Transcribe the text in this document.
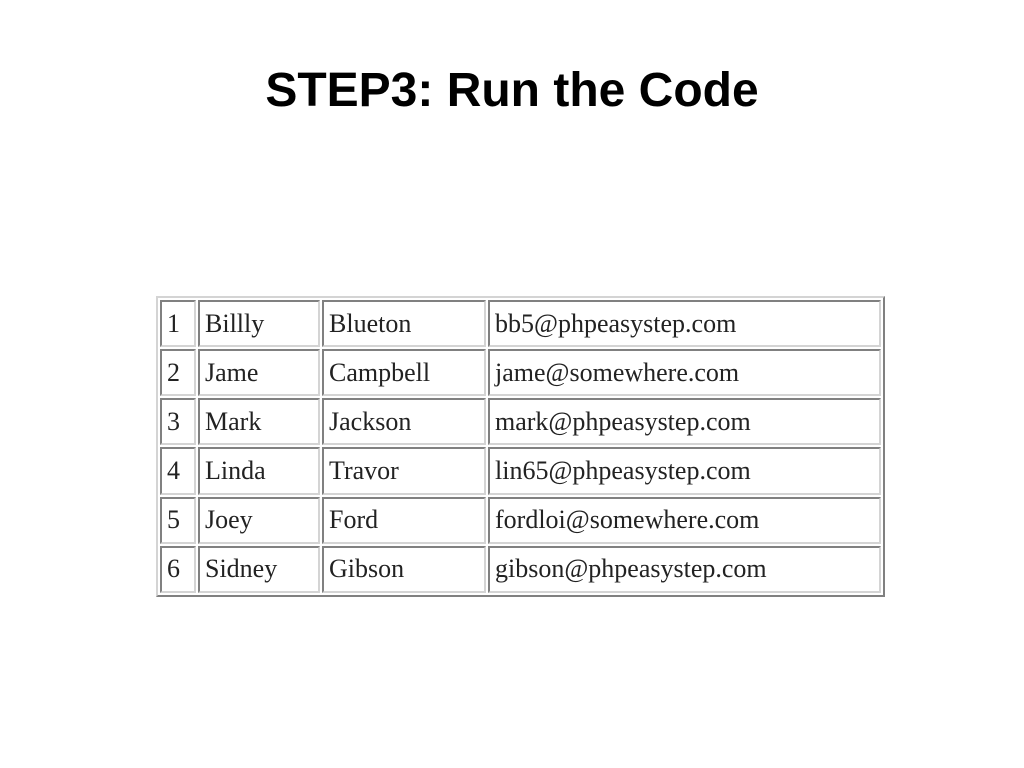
STEP3: Run the Code
1	Billly	Blueton	bb5@phpeasystep.com
2	Jame	Campbell	jame@somewhere.com
3	Mark	Jackson	mark@phpeasystep.com
4	Linda	Travor	lin65@phpeasystep.com
5	Joey	Ford	fordloi@somewhere.com
6	Sidney	Gibson	gibson@phpeasystep.com
